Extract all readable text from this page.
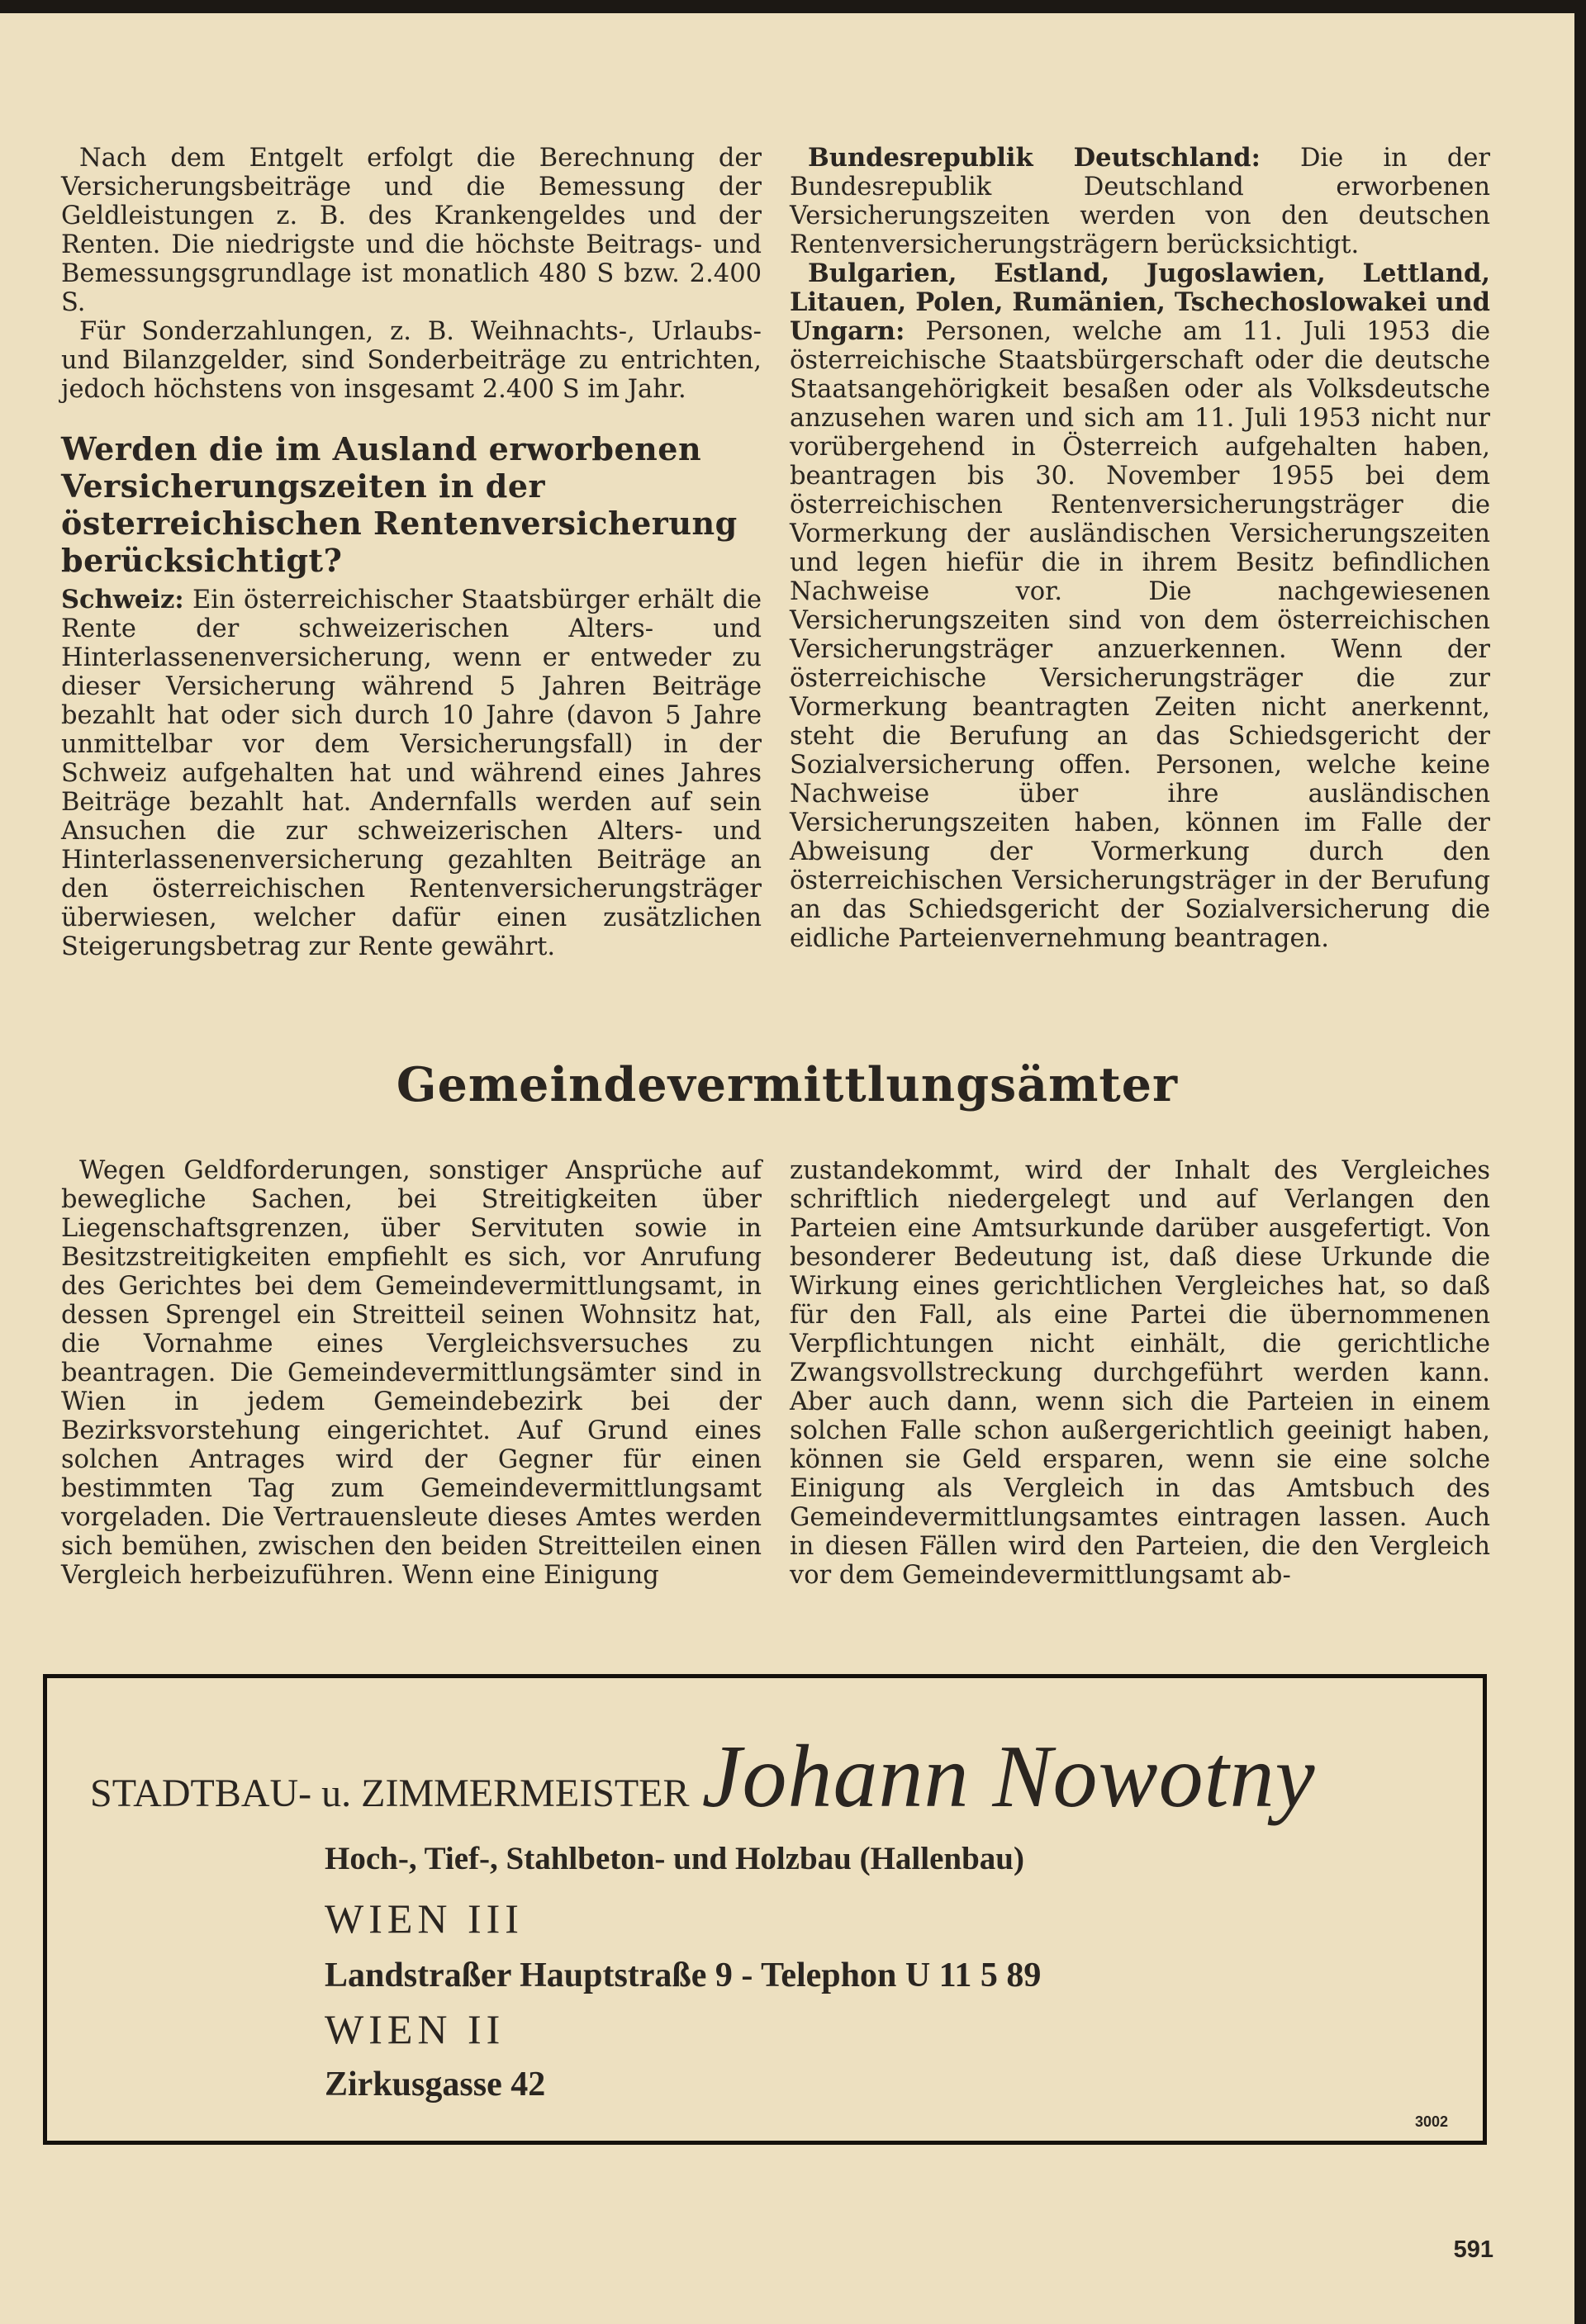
Nach dem Entgelt erfolgt die Berechnung der Versicherungsbeiträge und die Bemessung der Geldleistungen z. B. des Krankengeldes und der Renten. Die niedrigste und die höchste Beitrags- und Bemessungsgrundlage ist monatlich 480 S bzw. 2.400 S.

Für Sonderzahlungen, z. B. Weihnachts-, Urlaubs- und Bilanzgelder, sind Sonderbeiträge zu entrichten, jedoch höchstens von insgesamt 2.400 S im Jahr.

Werden die im Ausland erworbenen Versicherungszeiten in der österreichischen Rentenversicherung berücksichtigt?

Schweiz: Ein österreichischer Staatsbürger erhält die Rente der schweizerischen Alters- und Hinterlassenenversicherung, wenn er entweder zu dieser Versicherung während 5 Jahren Beiträge bezahlt hat oder sich durch 10 Jahre (davon 5 Jahre unmittelbar vor dem Versicherungsfall) in der Schweiz aufgehalten hat und während eines Jahres Beiträge bezahlt hat. Andernfalls werden auf sein Ansuchen die zur schweizerischen Alters- und Hinterlassenenversicherung gezahlten Beiträge an den österreichischen Rentenversicherungsträger überwiesen, welcher dafür einen zusätzlichen Steigerungsbetrag zur Rente gewährt.

Bundesrepublik Deutschland: Die in der Bundesrepublik Deutschland erworbenen Versicherungszeiten werden von den deutschen Rentenversicherungsträgern berücksichtigt.

Bulgarien, Estland, Jugoslawien, Lettland, Litauen, Polen, Rumänien, Tschechoslowakei und Ungarn: Personen, welche am 11. Juli 1953 die österreichische Staatsbürgerschaft oder die deutsche Staatsangehörigkeit besaßen oder als Volksdeutsche anzusehen waren und sich am 11. Juli 1953 nicht nur vorübergehend in Österreich aufgehalten haben, beantragen bis 30. November 1955 bei dem österreichischen Rentenversicherungsträger die Vormerkung der ausländischen Versicherungszeiten und legen hiefür die in ihrem Besitz befindlichen Nachweise vor. Die nachgewiesenen Versicherungszeiten sind von dem österreichischen Versicherungsträger anzuerkennen. Wenn der österreichische Versicherungsträger die zur Vormerkung beantragten Zeiten nicht anerkennt, steht die Berufung an das Schiedsgericht der Sozialversicherung offen. Personen, welche keine Nachweise über ihre ausländischen Versicherungszeiten haben, können im Falle der Abweisung der Vormerkung durch den österreichischen Versicherungsträger in der Berufung an das Schiedsgericht der Sozialversicherung die eidliche Parteienvernehmung beantragen.

Gemeindevermittlungsämter

Wegen Geldforderungen, sonstiger Ansprüche auf bewegliche Sachen, bei Streitigkeiten über Liegenschaftsgrenzen, über Servituten sowie in Besitzstreitigkeiten empfiehlt es sich, vor Anrufung des Gerichtes bei dem Gemeindevermittlungsamt, in dessen Sprengel ein Streitteil seinen Wohnsitz hat, die Vornahme eines Vergleichsversuches zu beantragen. Die Gemeindevermittlungsämter sind in Wien in jedem Gemeindebezirk bei der Bezirksvorstehung eingerichtet. Auf Grund eines solchen Antrages wird der Gegner für einen bestimmten Tag zum Gemeindevermittlungsamt vorgeladen. Die Vertrauensleute dieses Amtes werden sich bemühen, zwischen den beiden Streitteilen einen Vergleich herbeizuführen. Wenn eine Einigung

zustandekommt, wird der Inhalt des Vergleiches schriftlich niedergelegt und auf Verlangen den Parteien eine Amtsurkunde darüber ausgefertigt. Von besonderer Bedeutung ist, daß diese Urkunde die Wirkung eines gerichtlichen Vergleiches hat, so daß für den Fall, als eine Partei die übernommenen Verpflichtungen nicht einhält, die gerichtliche Zwangsvollstreckung durchgeführt werden kann. Aber auch dann, wenn sich die Parteien in einem solchen Falle schon außergerichtlich geeinigt haben, können sie Geld ersparen, wenn sie eine solche Einigung als Vergleich in das Amtsbuch des Gemeindevermittlungsamtes eintragen lassen. Auch in diesen Fällen wird den Parteien, die den Vergleich vor dem Gemeindevermittlungsamt ab-

STADTBAU- u. ZIMMERMEISTER Johann Nowotny
Hoch-, Tief-, Stahlbeton- und Holzbau (Hallenbau)
WIEN III
Landstraßer Hauptstraße 9 - Telephon U 11 5 89
WIEN II
Zirkusgasse 42
3002
591
